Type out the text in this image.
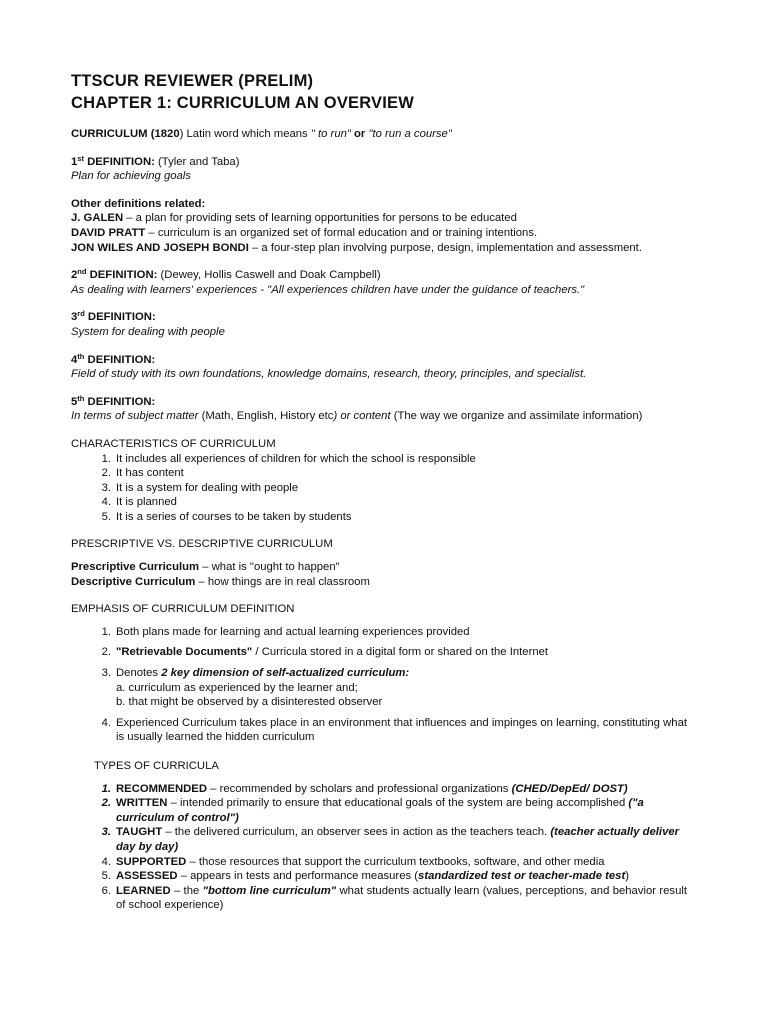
TTSCUR REVIEWER (PRELIM)

CHAPTER 1: CURRICULUM AN OVERVIEW

CURRICULUM (1820) Latin word which means " to run" or "to run a course"

1st DEFINITION: (Tyler and Taba)

Plan for achieving goals

Other definitions related:

J. GALEN – a plan for providing sets of learning opportunities for persons to be educated

DAVID PRATT – curriculum is an organized set of formal education and or training intentions.

JON WILES AND JOSEPH BONDI – a four-step plan involving purpose, design, implementation and assessment.

2nd DEFINITION: (Dewey, Hollis Caswell and Doak Campbell)

As dealing with learners' experiences - "All experiences children have under the guidance of teachers."

3rd DEFINITION:

System for dealing with people

4th DEFINITION:

Field of study with its own foundations, knowledge domains, research, theory, principles, and specialist.

5th DEFINITION:

In terms of subject matter (Math, English, History etc) or content (The way we organize and assimilate information)

CHARACTERISTICS OF CURRICULUM

1. It includes all experiences of children for which the school is responsible
2. It has content
3. It is a system for dealing with people
4. It is planned
5. It is a series of courses to be taken by students

PRESCRIPTIVE VS. DESCRIPTIVE CURRICULUM

Prescriptive Curriculum – what is "ought to happen"

Descriptive Curriculum – how things are in real classroom

EMPHASIS OF CURRICULUM DEFINITION

1. Both plans made for learning and actual learning experiences provided
2. "Retrievable Documents" / Curricula stored in a digital form or shared on the Internet
3. Denotes 2 key dimension of self-actualized curriculum:
a. curriculum as experienced by the learner and;
b. that might be observed by a disinterested observer
4. Experienced Curriculum takes place in an environment that influences and impinges on learning, constituting what is usually learned the hidden curriculum

TYPES OF CURRICULA

1. RECOMMENDED – recommended by scholars and professional organizations (CHED/DepEd/ DOST)
2. WRITTEN – intended primarily to ensure that educational goals of the system are being accomplished ("a curriculum of control")
3. TAUGHT – the delivered curriculum, an observer sees in action as the teachers teach. (teacher actually deliver day by day)
4. SUPPORTED – those resources that support the curriculum textbooks, software, and other media
5. ASSESSED – appears in tests and performance measures (standardized test or teacher-made test)
6. LEARNED – the "bottom line curriculum" what students actually learn (values, perceptions, and behavior result of school experience)
